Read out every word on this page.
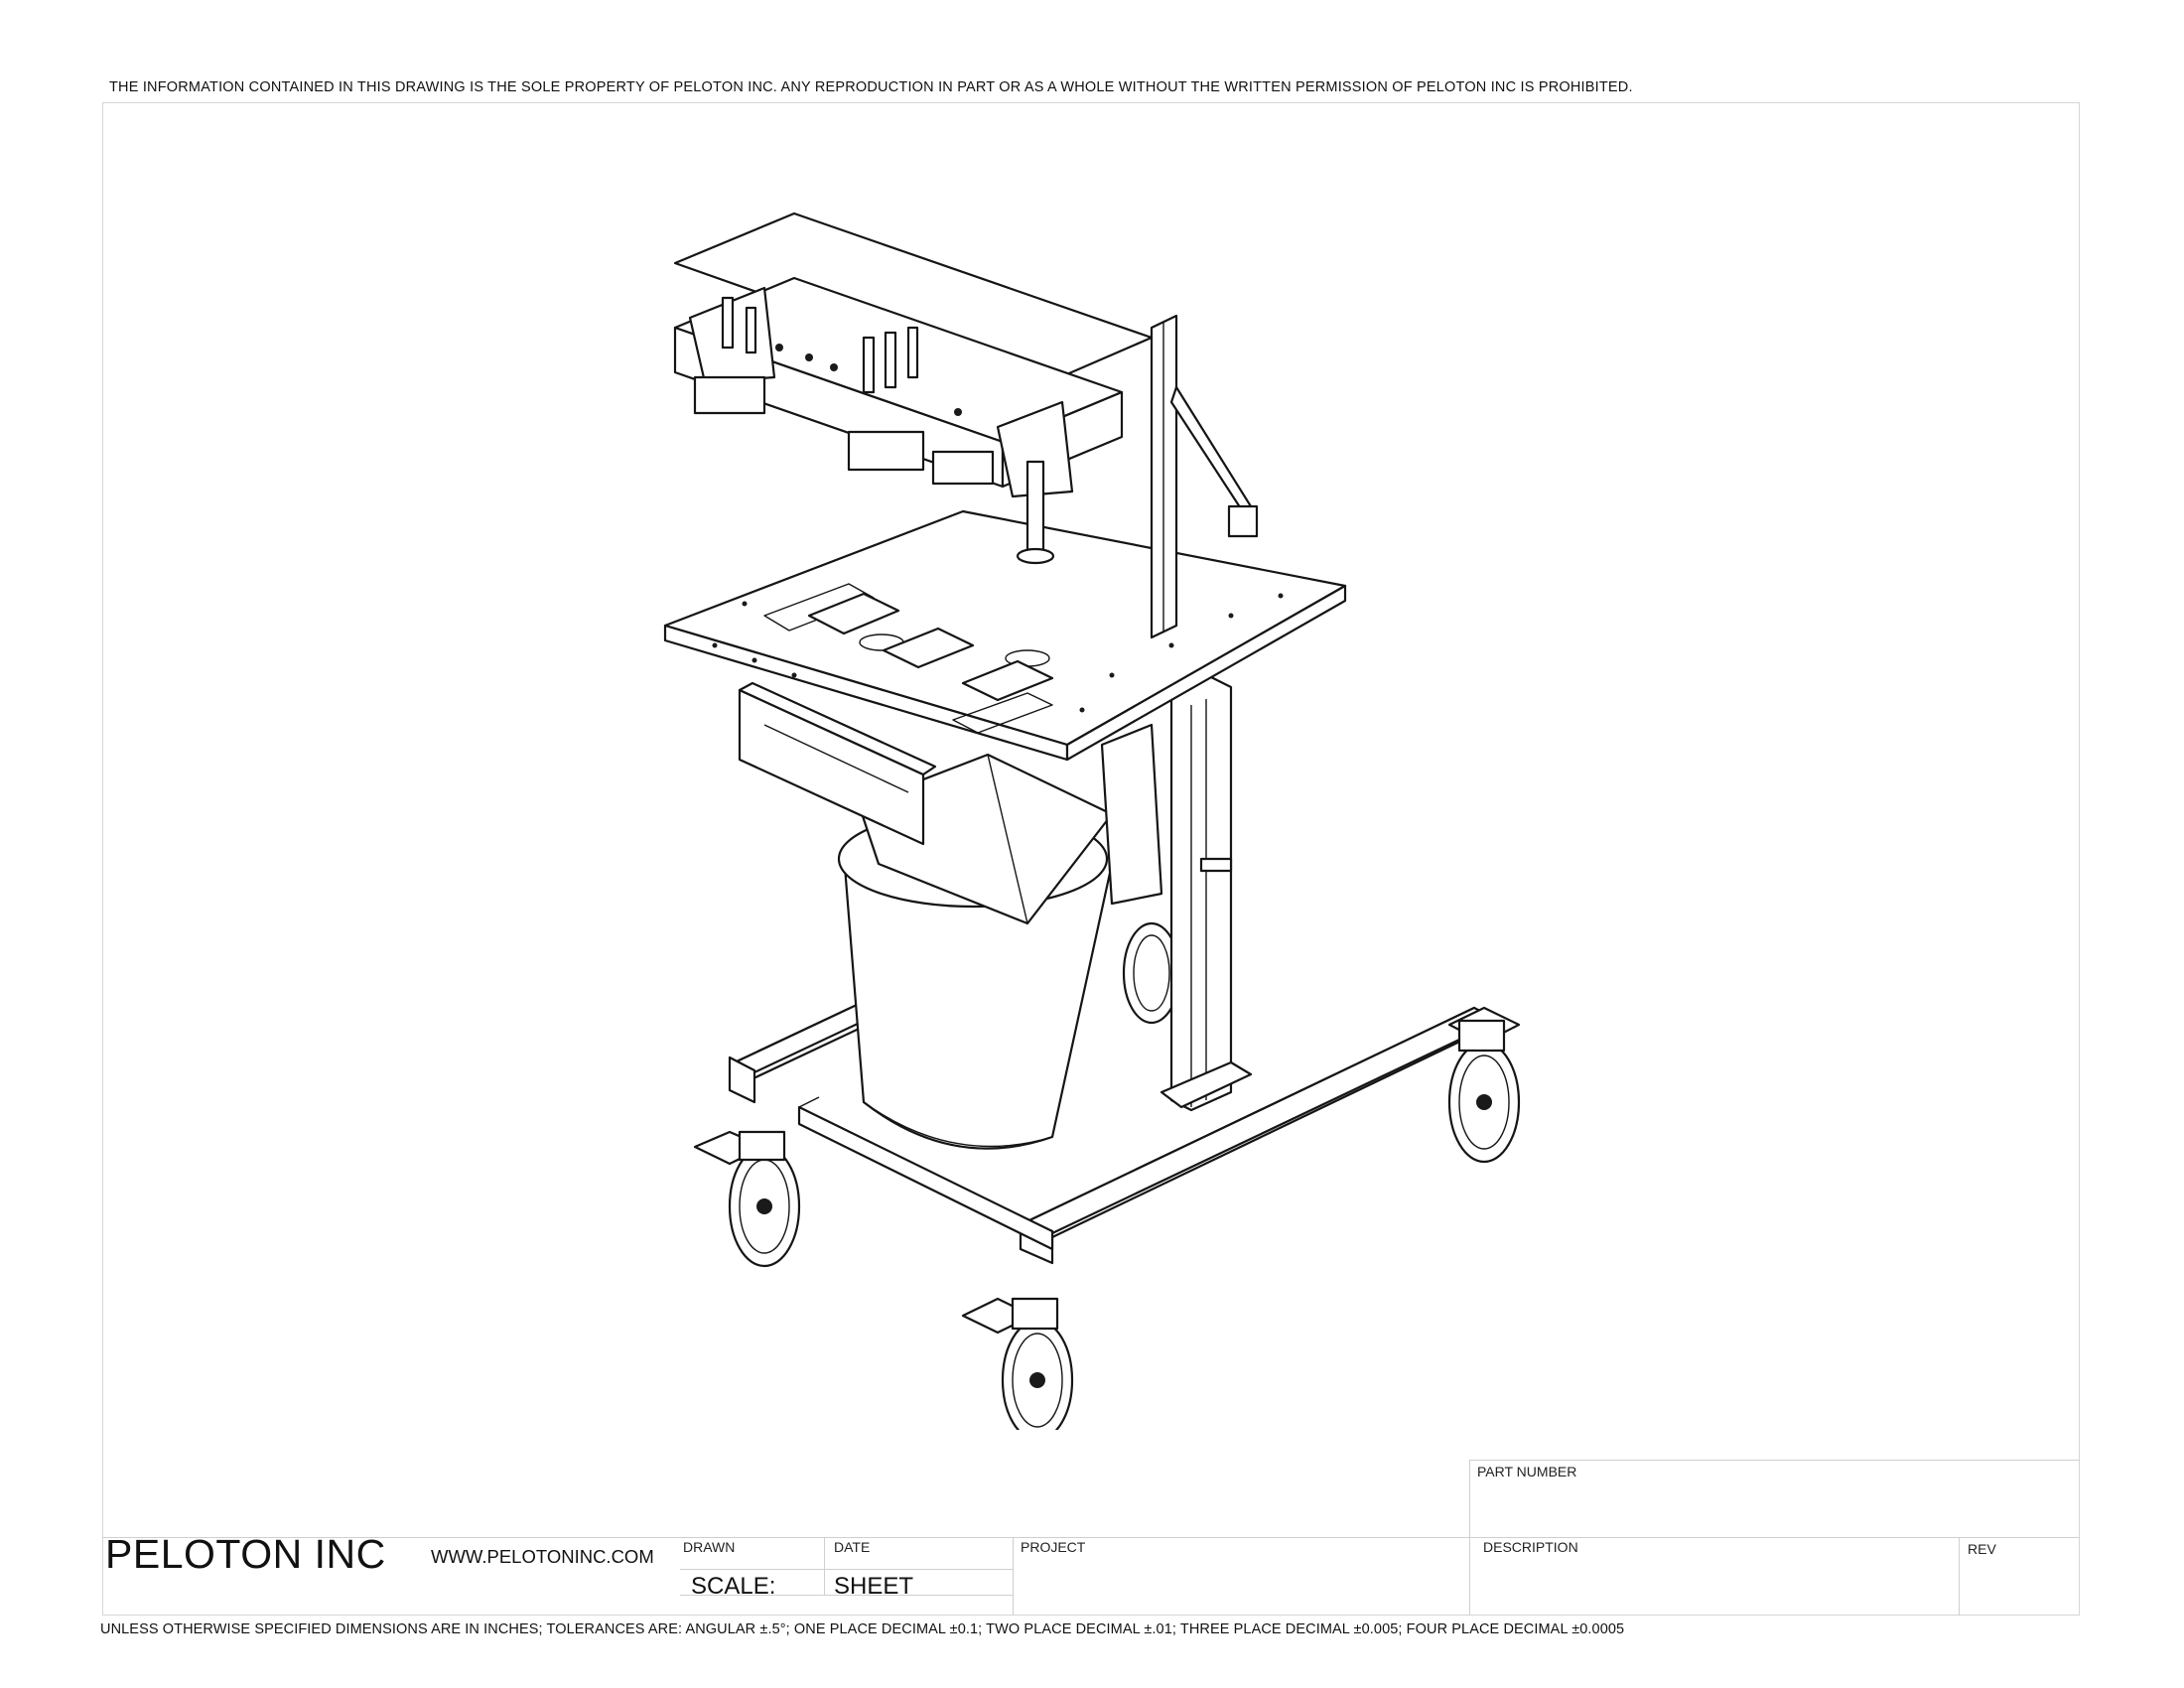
THE INFORMATION CONTAINED IN THIS DRAWING IS THE SOLE PROPERTY OF PELOTON INC. ANY REPRODUCTION IN PART OR AS A WHOLE WITHOUT THE WRITTEN PERMISSION OF PELOTON INC IS PROHIBITED.
PART NUMBER
PELOTON INC WWW.PELOTONINC.COM DRAWN	DATE	PROJECT	DESCRIPTION	REV
SCALE: SHEET
UNLESS OTHERWISE SPECIFIED DIMENSIONS ARE IN INCHES; TOLERANCES ARE: ANGULAR ±.5°; ONE PLACE DECIMAL ±0.1; TWO PLACE DECIMAL ±.01; THREE PLACE DECIMAL ±0.005; FOUR PLACE DECIMAL ±0.0005
